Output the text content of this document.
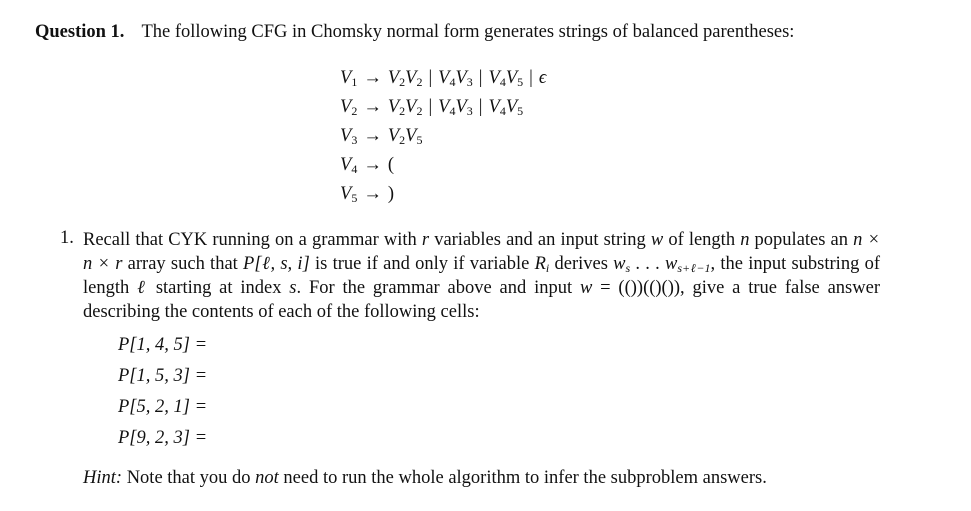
Question 1. The following CFG in Chomsky normal form generates strings of balanced parentheses:
$V_1 \to V_2V_2$ | $V_4V_3$ | $V_4V_5$ | ϵ
$V_2 \to V_2V_2$ | $V_4V_3$ | $V_4V_5$
$V_3 \to V_2V_5$
$V_4$ → (
$V_5$ → )
1. Recall that CYK running on a grammar with r variables and an input string w of length n populates an n × n × r array such that P[ℓ, s, i] is true if and only if variable $R_i$ derives $w_s$ . . . $w_{s+\ell-1}$, the input substring of length ℓ starting at index s. For the grammar above and input w = (())(()()), give a true false answer describing the contents of each of the following cells:
P[1, 4, 5] =
P[1, 5, 3] =
P[5, 2, 1] =
P[9, 2, 3] =
Hint: Note that you do not need to run the whole algorithm to infer the subproblem answers.
